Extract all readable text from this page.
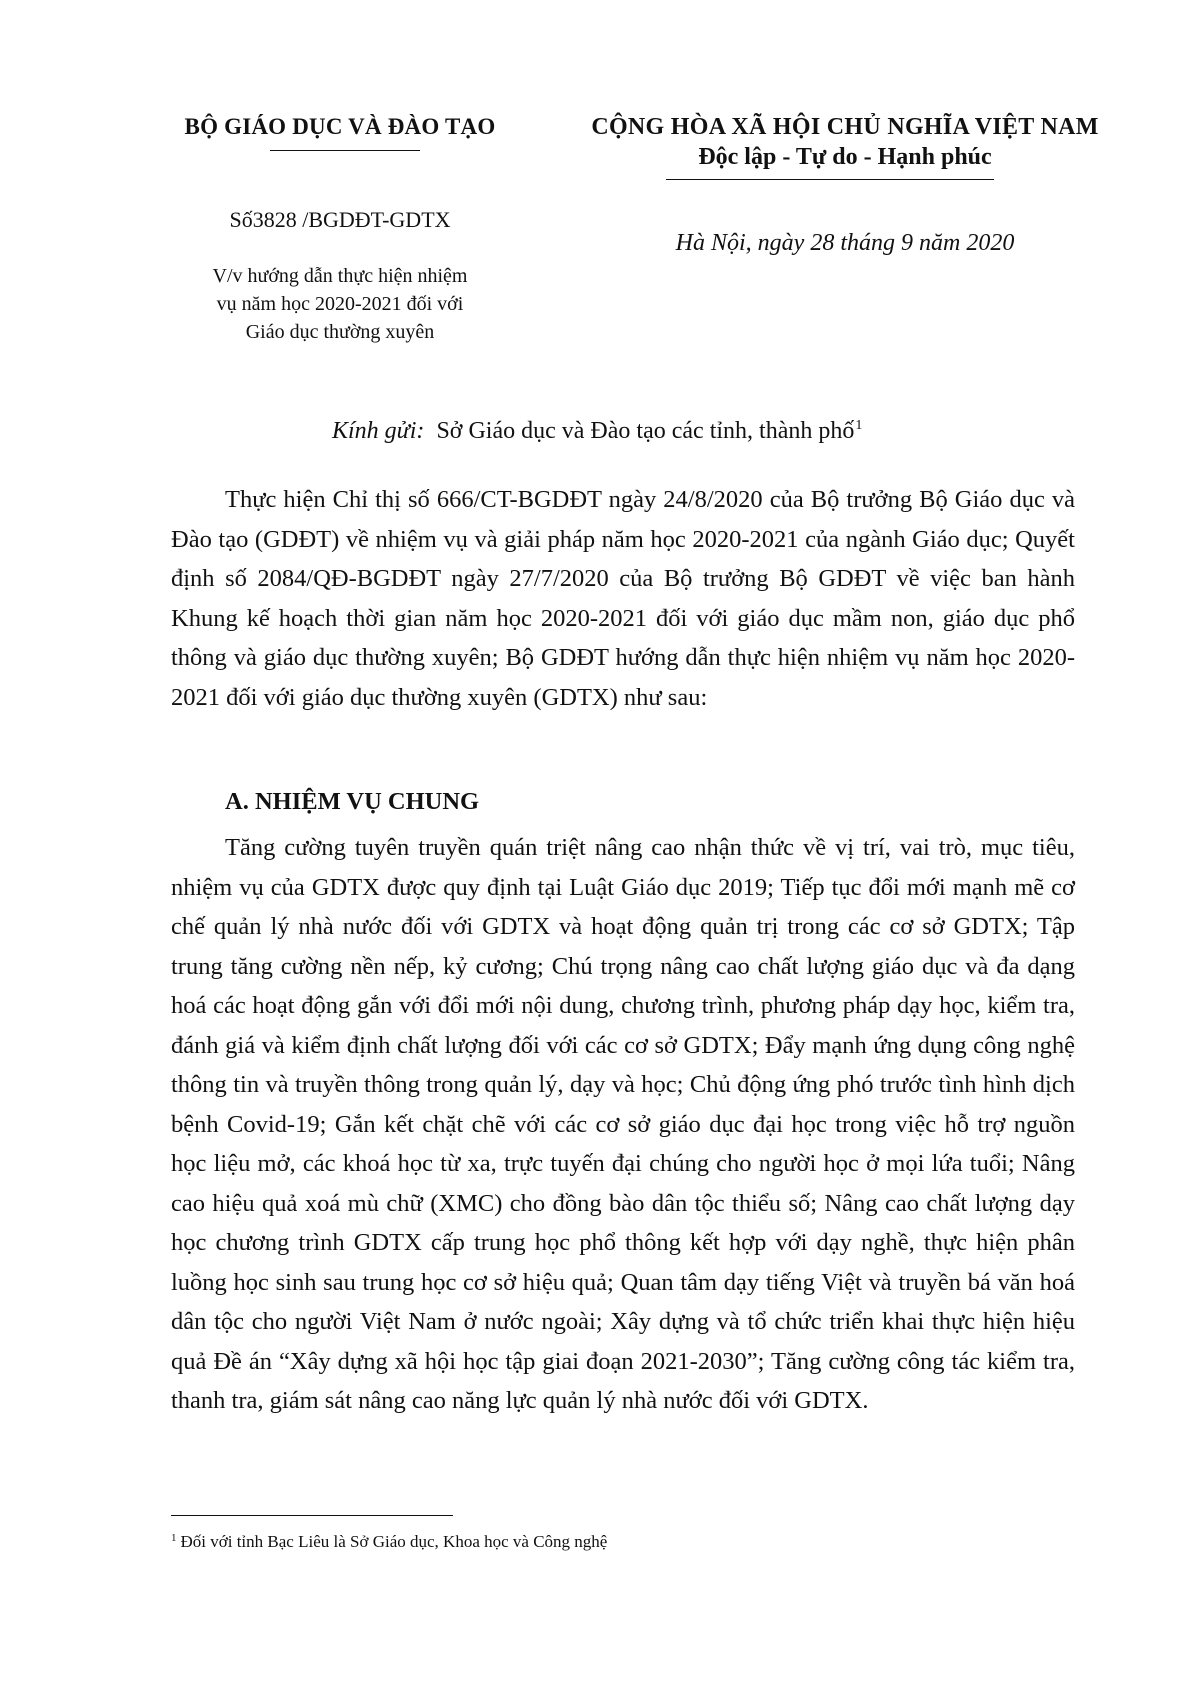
BỘ GIÁO DỤC VÀ ĐÀO TẠO
Số3828 /BGDĐT-GDTX
V/v hướng dẫn thực hiện nhiệm
vụ năm học 2020-2021 đối với
Giáo dục thường xuyên
CỘNG HÒA XÃ HỘI CHỦ NGHĨA VIỆT NAM
Độc lập - Tự do - Hạnh phúc
Hà Nội, ngày 28 tháng 9 năm 2020
Kính gửi: Sở Giáo dục và Đào tạo các tỉnh, thành phố$^1$

Thực hiện Chỉ thị số 666/CT-BGDĐT ngày 24/8/2020 của Bộ trưởng Bộ Giáo dục và Đào tạo (GDĐT) về nhiệm vụ và giải pháp năm học 2020-2021 của ngành Giáo dục; Quyết định số 2084/QĐ-BGDĐT ngày 27/7/2020 của Bộ trưởng Bộ GDĐT về việc ban hành Khung kế hoạch thời gian năm học 2020-2021 đối với giáo dục mầm non, giáo dục phổ thông và giáo dục thường xuyên; Bộ GDĐT hướng dẫn thực hiện nhiệm vụ năm học 2020-2021 đối với giáo dục thường xuyên (GDTX) như sau:

A. NHIỆM VỤ CHUNG

Tăng cường tuyên truyền quán triệt nâng cao nhận thức về vị trí, vai trò, mục tiêu, nhiệm vụ của GDTX được quy định tại Luật Giáo dục 2019; Tiếp tục đổi mới mạnh mẽ cơ chế quản lý nhà nước đối với GDTX và hoạt động quản trị trong các cơ sở GDTX; Tập trung tăng cường nền nếp, kỷ cương; Chú trọng nâng cao chất lượng giáo dục và đa dạng hoá các hoạt động gắn với đổi mới nội dung, chương trình, phương pháp dạy học, kiểm tra, đánh giá và kiểm định chất lượng đối với các cơ sở GDTX; Đẩy mạnh ứng dụng công nghệ thông tin và truyền thông trong quản lý, dạy và học; Chủ động ứng phó trước tình hình dịch bệnh Covid-19; Gắn kết chặt chẽ với các cơ sở giáo dục đại học trong việc hỗ trợ nguồn học liệu mở, các khoá học từ xa, trực tuyến đại chúng cho người học ở mọi lứa tuổi; Nâng cao hiệu quả xoá mù chữ (XMC) cho đồng bào dân tộc thiểu số; Nâng cao chất lượng dạy học chương trình GDTX cấp trung học phổ thông kết hợp với dạy nghề, thực hiện phân luồng học sinh sau trung học cơ sở hiệu quả; Quan tâm dạy tiếng Việt và truyền bá văn hoá dân tộc cho người Việt Nam ở nước ngoài; Xây dựng và tổ chức triển khai thực hiện hiệu quả Đề án “Xây dựng xã hội học tập giai đoạn 2021-2030”; Tăng cường công tác kiểm tra, thanh tra, giám sát nâng cao năng lực quản lý nhà nước đối với GDTX.

$^1$ Đối với tỉnh Bạc Liêu là Sở Giáo dục, Khoa học và Công nghệ
